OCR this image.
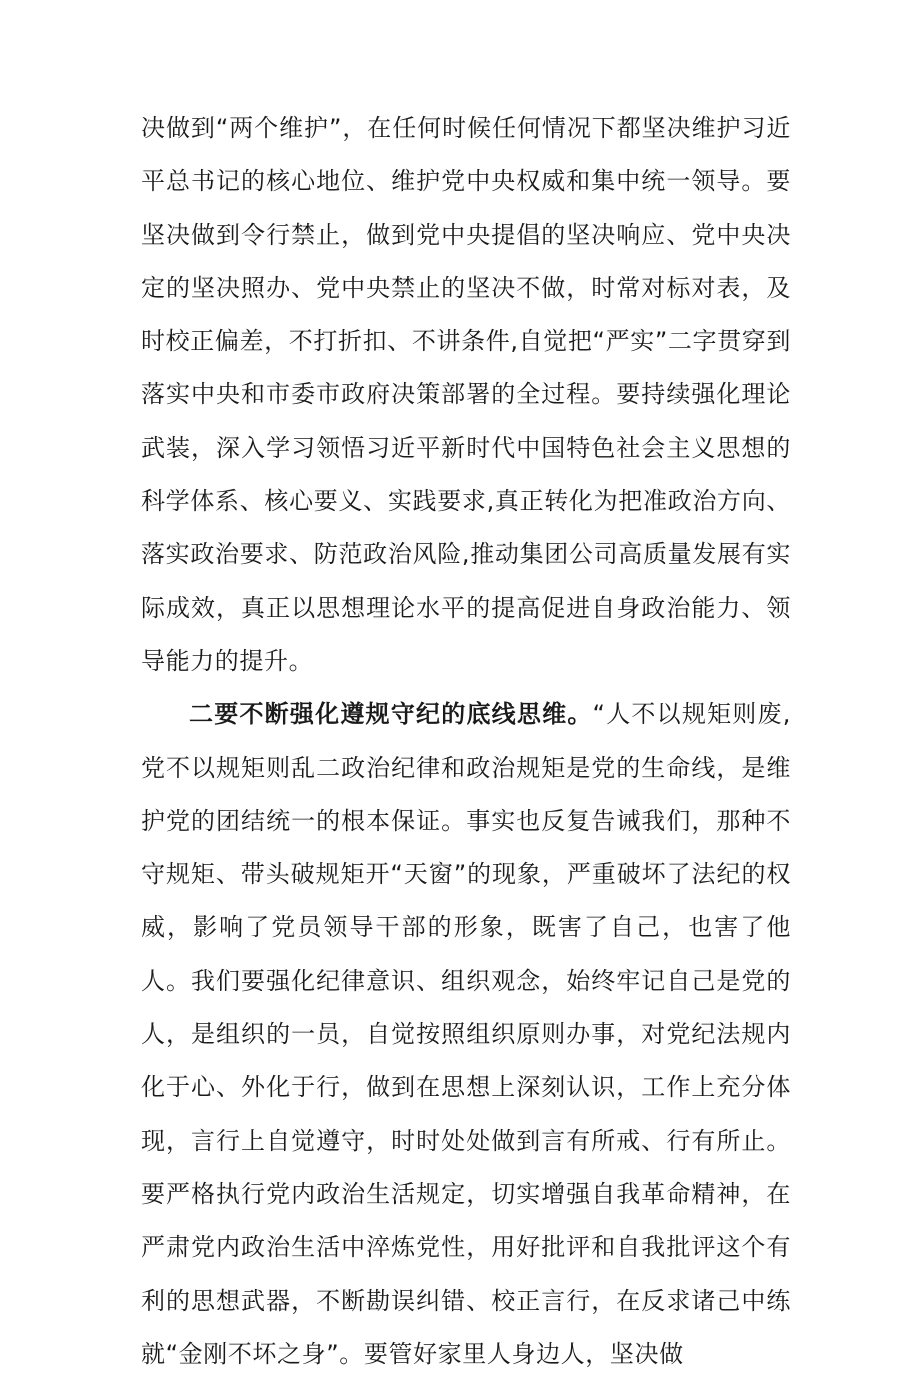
决做到“两个维护”，在任何时候任何情况下都坚决维护习近平总书记的核心地位、维护党中央权威和集中统一领导。要坚决做到令行禁止，做到党中央提倡的坚决响应、党中央决定的坚决照办、党中央禁止的坚决不做，时常对标对表，及时校正偏差，不打折扣、不讲条件,自觉把“严实”二字贯穿到落实中央和市委市政府决策部署的全过程。要持续强化理论武装，深入学习领悟习近平新时代中国特色社会主义思想的科学体系、核心要义、实践要求,真正转化为把准政治方向、落实政治要求、防范政治风险,推动集团公司高质量发展有实际成效，真正以思想理论水平的提高促进自身政治能力、领导能力的提升。

二要不断强化遵规守纪的底线思维。“人不以规矩则废,党不以规矩则乱二政治纪律和政治规矩是党的生命线，是维护党的团结统一的根本保证。事实也反复告诫我们，那种不守规矩、带头破规矩开“天窗”的现象，严重破坏了法纪的权威，影响了党员领导干部的形象，既害了自己，也害了他人。我们要强化纪律意识、组织观念，始终牢记自己是党的人，是组织的一员，自觉按照组织原则办事，对党纪法规内化于心、外化于行，做到在思想上深刻认识，工作上充分体现，言行上自觉遵守，时时处处做到言有所戒、行有所止。要严格执行党内政治生活规定，切实增强自我革命精神，在严肃党内政治生活中淬炼党性，用好批评和自我批评这个有利的思想武器，不断勘误纠错、校正言行，在反求诸己中练就“金刚不坏之身”。要管好家里人身边人，坚决做
